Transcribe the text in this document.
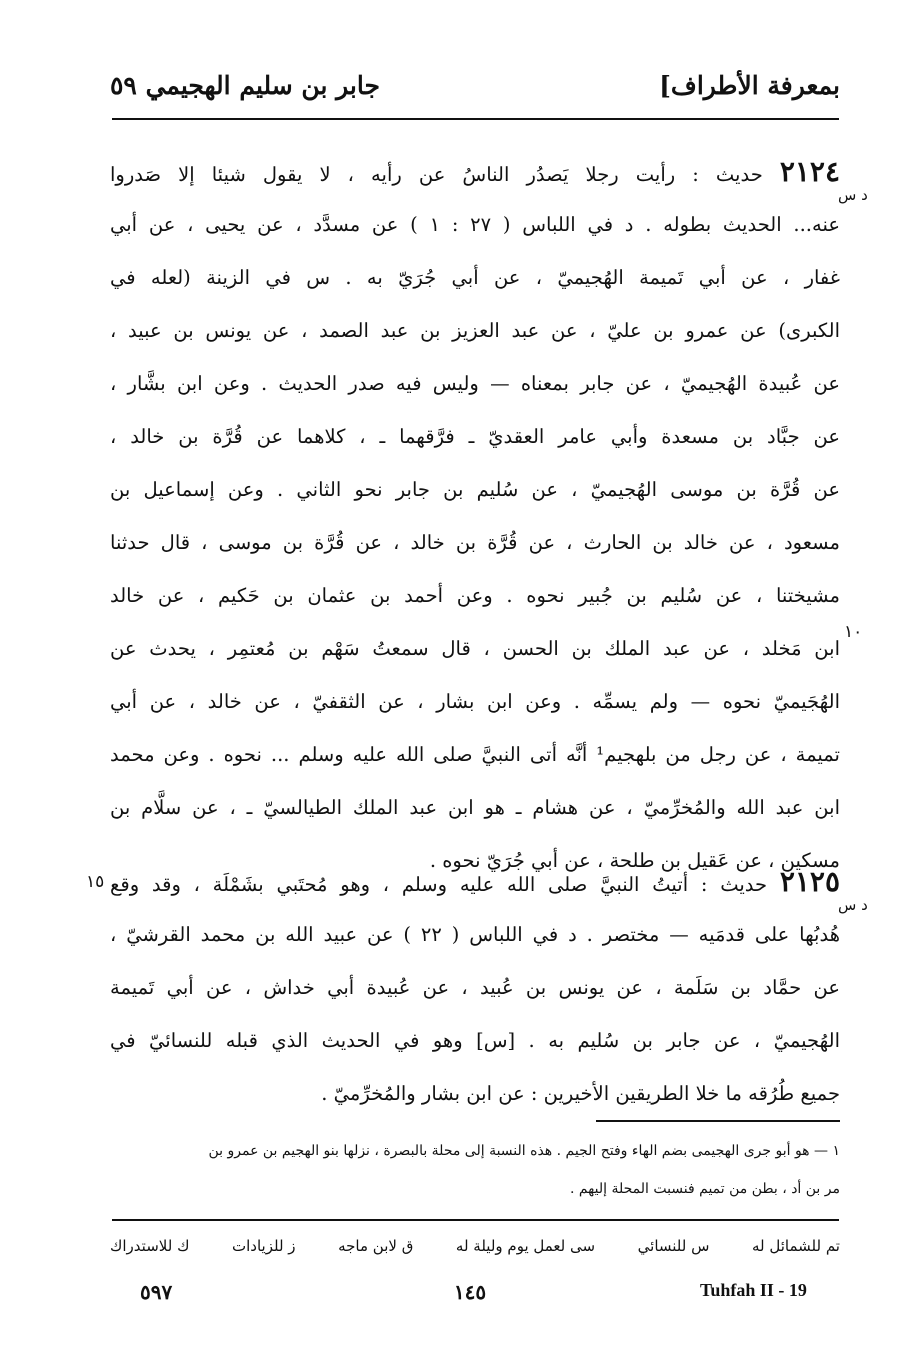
بمعرفة الأطراف]
جابر بن سليم الهجيمي ٥٩
د س
١٠
٢١٢٤ حديث : رأيت رجلا يَصدُر الناسُ عن رأيه ، لا يقول شيئا إلا صَدروا
عنه... الحديث بطوله . د في اللباس ( ٢٧ : ١ ) عن مسدَّد ، عن يحيى ، عن أبي
غفار ، عن أبي تَميمة الهُجيميّ ، عن أبي جُرَيّ به . س في الزينة (لعله في
الكبرى) عن عمرو بن عليّ ، عن عبد العزيز بن عبد الصمد ، عن يونس بن عبيد ،
عن عُبيدة الهُجيميّ ، عن جابر بمعناه — وليس فيه صدر الحديث . وعن ابن بشَّار ،
عن جبَّاد بن مسعدة وأبي عامر العقديّ ـ فرَّقهما ـ ، كلاهما عن قُرَّة بن خالد ،
عن قُرَّة بن موسى الهُجيميّ ، عن سُليم بن جابر نحو الثاني . وعن إسماعيل بن
مسعود ، عن خالد بن الحارث ، عن قُرَّة بن خالد ، عن قُرَّة بن موسى ، قال حدثنا
مشيختنا ، عن سُليم بن جُبير نحوه . وعن أحمد بن عثمان بن حَكيم ، عن خالد
ابن مَخلد ، عن عبد الملك بن الحسن ، قال سمعتُ سَهْم بن مُعتمِر ، يحدث عن
الهُجَيميّ نحوه — ولم يسمِّه . وعن ابن بشار ، عن الثقفيّ ، عن خالد ، عن أبي
تميمة ، عن رجل من بلهجيم¹ أنَّه أتى النبيَّ صلى الله عليه وسلم ... نحوه . وعن محمد
ابن عبد الله والمُخرِّميّ ، عن هشام ـ هو ابن عبد الملك الطيالسيّ ـ ، عن سلَّام بن
مسكين ، عن عَقيل بن طلحة ، عن أبي جُرَيّ نحوه .
د س
١٥	٢١٢٥ حديث : أتيتُ النبيَّ صلى الله عليه وسلم ، وهو مُحتَبي بشَمْلَة ، وقد وقع
هُدبُها على قدمَيه — مختصر . د في اللباس ( ٢٢ ) عن عبيد الله بن محمد القرشيّ ،
عن حمَّاد بن سَلَمة ، عن يونس بن عُبيد ، عن عُبيدة أبي خداش ، عن أبي تَميمة
الهُجيميّ ، عن جابر بن سُليم به . [س] وهو في الحديث الذي قبله للنسائيّ في
جميع طُرُقه ما خلا الطريقين الأخيرين : عن ابن بشار والمُخرِّميّ .
١ — هو أبو جرى الهجيمى بضم الهاء وفتح الجيم . هذه النسبة إلى محلة بالبصرة ، نزلها بنو الهجيم بن عمرو بن
مر بن أد ، بطن من تميم فنسبت المحلة إليهم .
تم للشمائل له
س للنسائي
سى لعمل يوم وليلة له
ق لابن ماجه
ز للزيادات
ك للاستدراك
٥٩٧	١٤٥	Tuhfah II - 19
